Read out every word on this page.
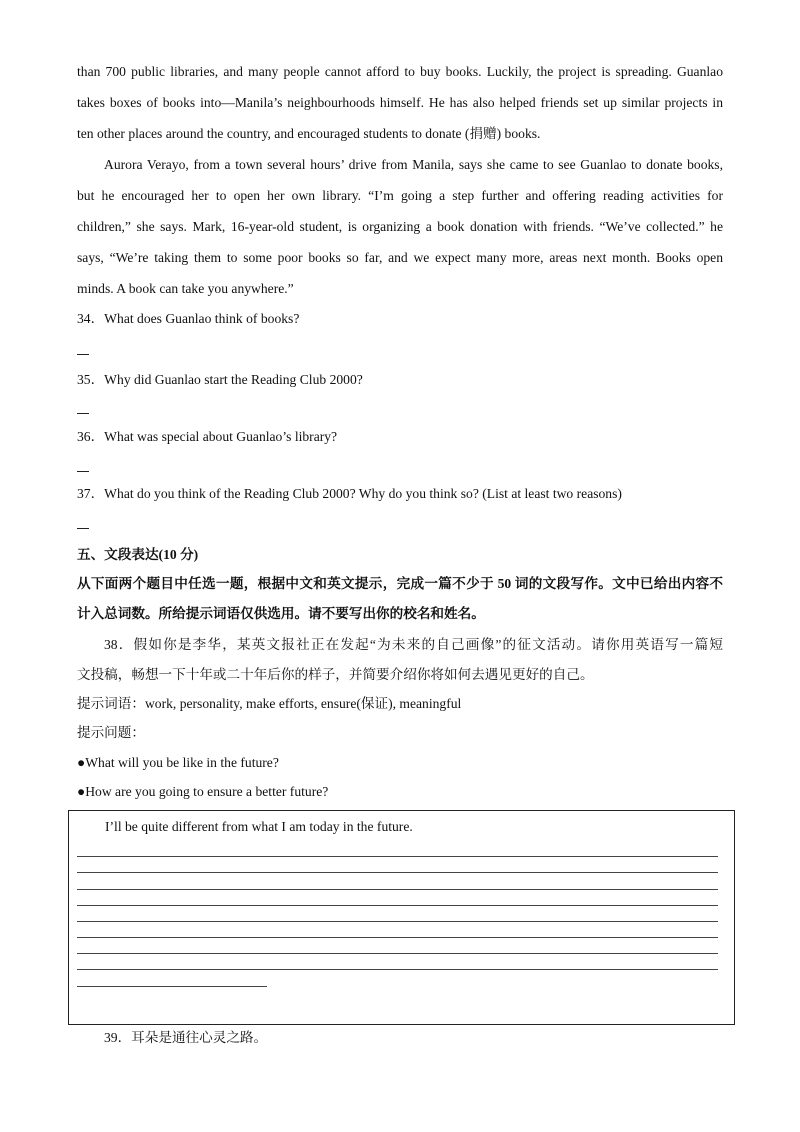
than 700 public libraries, and many people cannot afford to buy books. Luckily, the project is spreading. Guanlao
takes boxes of books into—Manila’s neighbourhoods himself. He has also helped friends set up similar projects in
ten other places around the country, and encouraged students to donate (捐赠) books.
Aurora Verayo, from a town several hours’ drive from Manila, says she came to see Guanlao to donate books,
but he encouraged her to open her own library. “I’m going a step further and offering reading activities for
children,” she says. Mark, 16-year-old student, is organizing a book donation with friends. “We’ve collected.” he
says, “We’re taking them to some poor books so far, and we expect many more, areas next month. Books open
minds. A book can take you anywhere.”
34．What does Guanlao think of books?
35．Why did Guanlao start the Reading Club 2000?
36．What was special about Guanlao’s library?
37．What do you think of the Reading Club 2000? Why do you think so? (List at least two reasons)
五、文段表达(10 分)
从下面两个题目中任选一题，根据中文和英文提示，完成一篇不少于 50 词的文段写作。文中已给出内容不
计入总词数。所给提示词语仅供选用。请不要写出你的校名和姓名。
38．假如你是李华，某英文报社正在发起“为未来的自己画像”的征文活动。请你用英语写一篇短
文投稿，畅想一下十年或二十年后你的样子，并简要介绍你将如何去遇见更好的自己。
提示词语：work, personality, make efforts, ensure(保证), meaningful
提示问题：
●What will you be like in the future?
●How are you going to ensure a better future?
I’ll be quite different from what I am today in the future.
39．耳朵是通往心灵之路。
